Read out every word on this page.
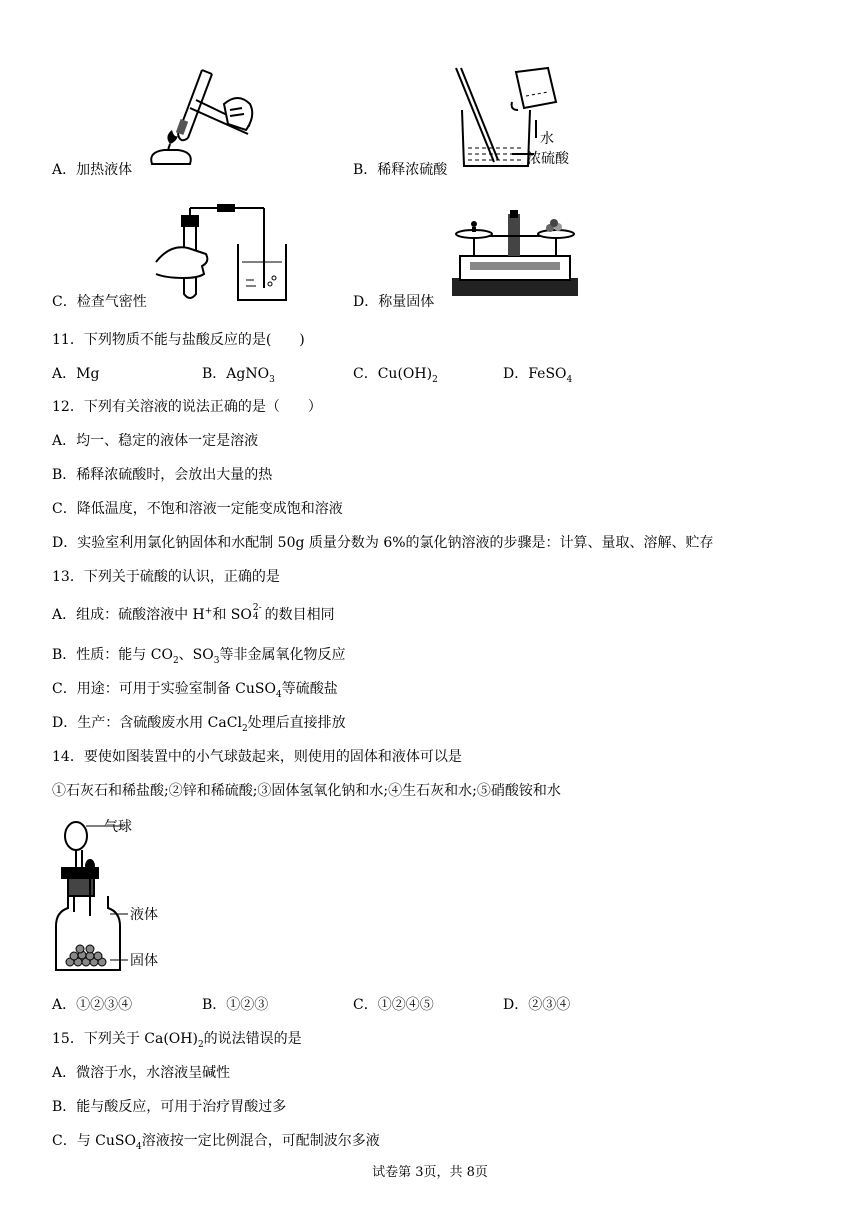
A．加热液体
水
浓硫酸
B．稀释浓硫酸
C．检查气密性	D．称量固体
11．下列物质不能与盐酸反应的是(　　)
A．Mg	B．AgNO$_3$	C．$Cu(OH)_2$	D．FeSO$_4$
12．下列有关溶液的说法正确的是（　　）
A．均一、稳定的液体一定是溶液
B．稀释浓硫酸时，会放出大量的热
C．降低温度，不饱和溶液一定能变成饱和溶液
D．实验室利用氯化钠固体和水配制 50g 质量分数为 6%的氯化钠溶液的步骤是：计算、量取、溶解、贮存
13．下列关于硫酸的认识，正确的是
A．组成：硫酸溶液中 H+和 SO 2-
4 的数目相同
B．性质：能与 $CO_2$、$SO_3$等非金属氧化物反应
C．用途：可用于实验室制备 CuSO$_4$等硫酸盐
D．生产：含硫酸废水用 CaCl$_2$处理后直接排放
14．要使如图装置中的小气球鼓起来，则使用的固体和液体可以是
①石灰石和稀盐酸;②锌和稀硫酸;③固体氢氧化钠和水;④生石灰和水;⑤硝酸铵和水
气球
液体
固体
A．①②③④	B．①②③	C．①②④⑤	D．②③④
15．下列关于 $Ca(OH)_2$的说法错误的是
A．微溶于水，水溶液呈碱性
B．能与酸反应，可用于治疗胃酸过多
C．与 CuSO$_4$溶液按一定比例混合，可配制波尔多液
试卷第 3页，共 8页
